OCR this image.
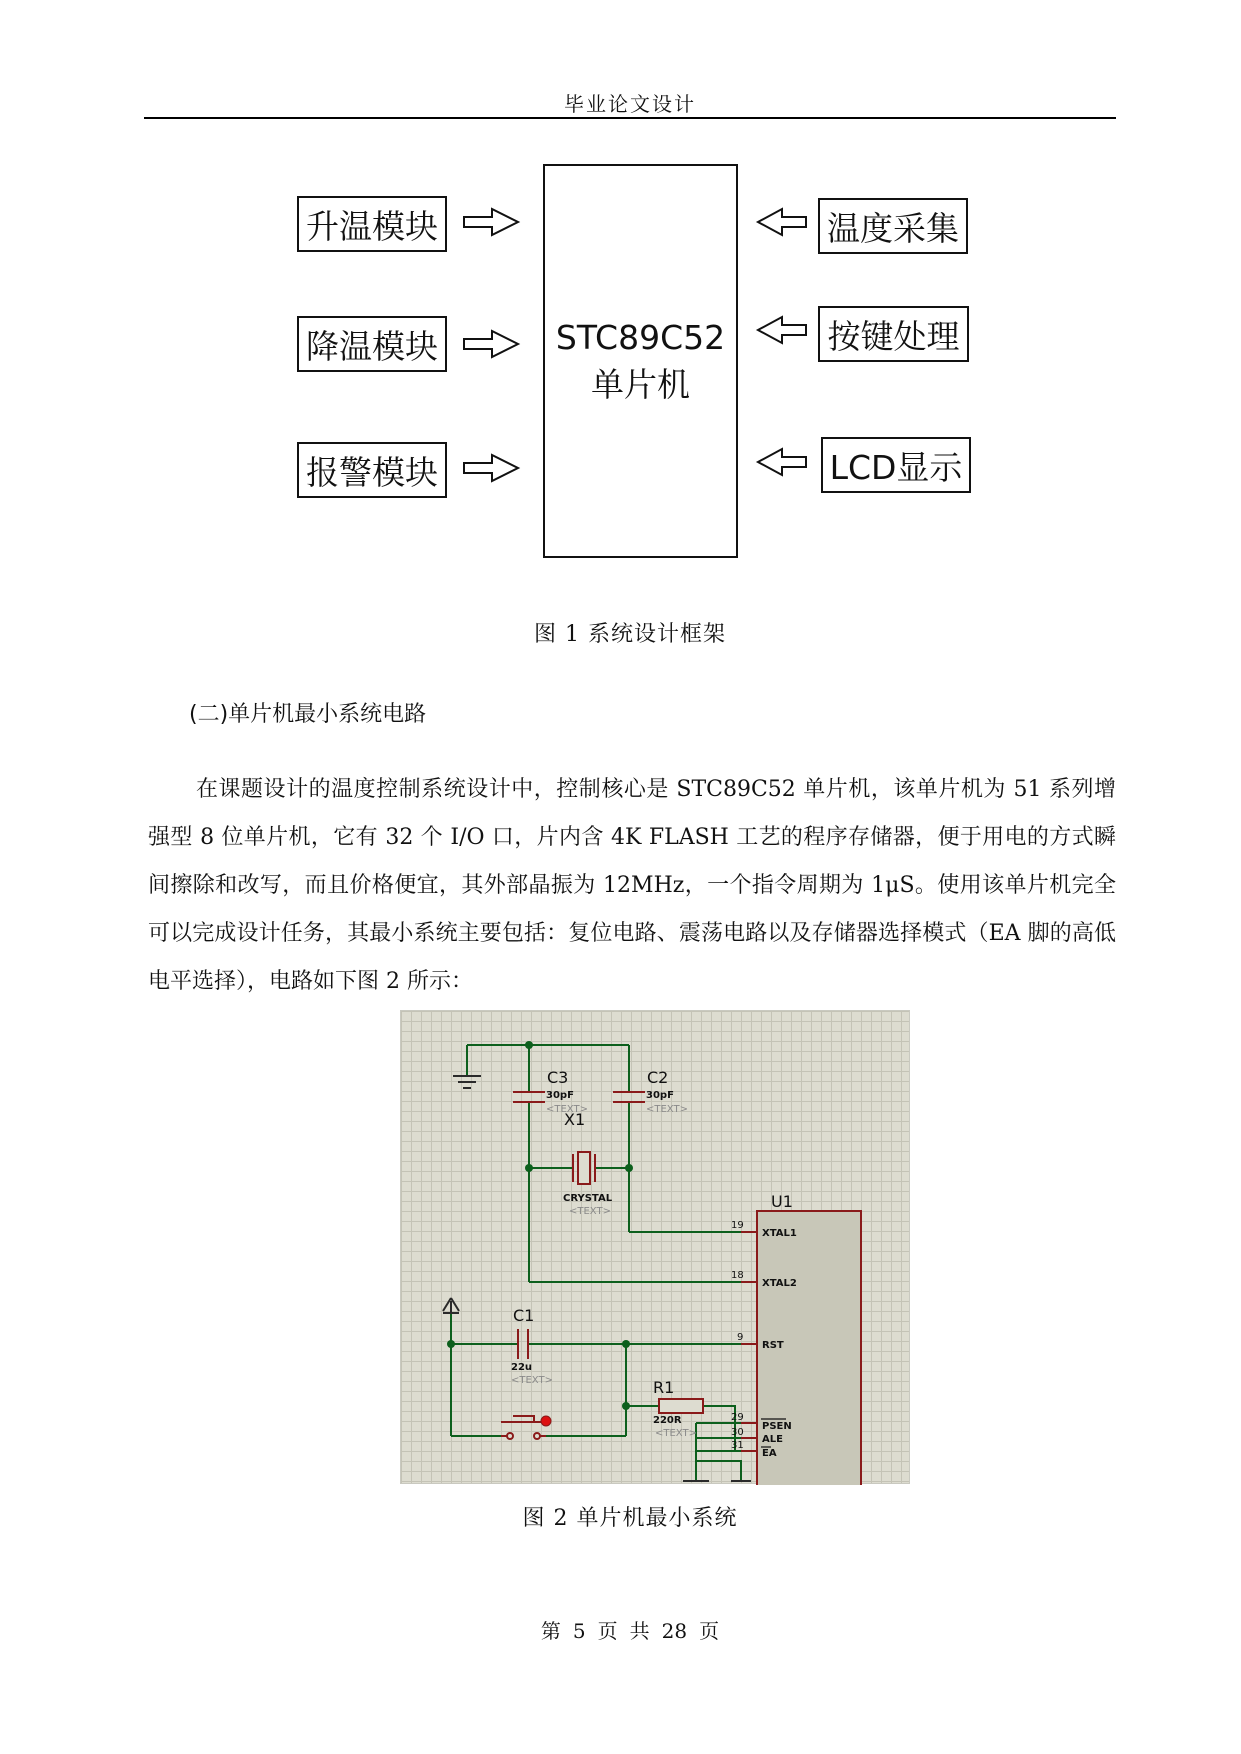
毕业论文设计
升温模块
降温模块
报警模块
温度采集
按键处理
LCD显示
STC89C52
单片机
图 1 系统设计框架
(二)单片机最小系统电路

在课题设计的温度控制系统设计中，控制核心是 STC89C52 单片机，该单片机为 51 系列增强型 8 位单片机，它有 32 个 I/O 口，片内含 4K FLASH 工艺的程序存储器，便于用电的方式瞬间擦除和改写，而且价格便宜，其外部晶振为 12MHz，一个指令周期为 1μS。使用该单片机完全可以完成设计任务，其最小系统主要包括：复位电路、震荡电路以及存储器选择模式（EA 脚的高低电平选择），电路如下图 2 所示：

C3
30pF
<TEXT>
C2
30pF
<TEXT>
X1
CRYSTAL
<TEXT>
U1
C1
22u
<TEXT>	R1
220R
<TEXT>
19
XTAL1
18
XTAL2
9
RST
29
PSEN
30
ALE
31
EA
图 2 单片机最小系统
第 5 页 共 28 页
